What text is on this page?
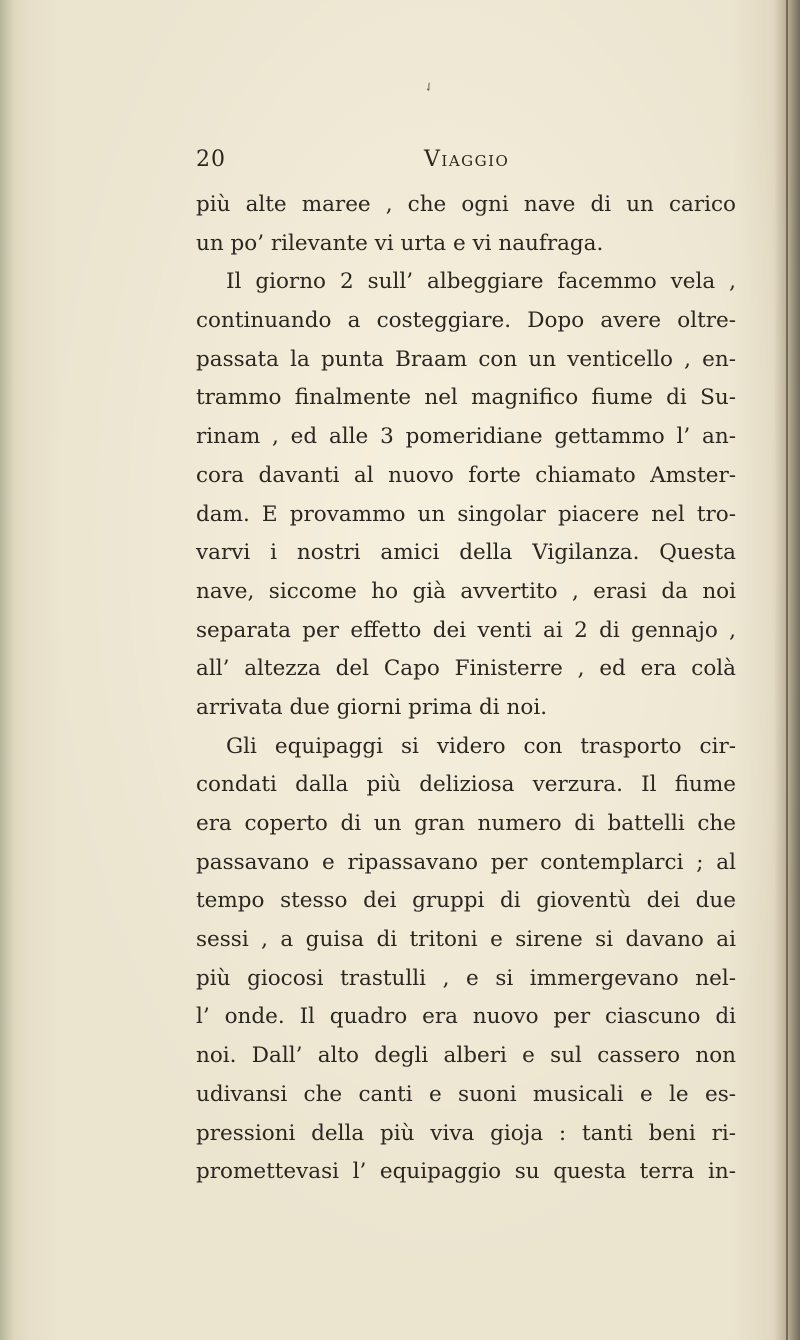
✓
20	Viaggio
più alte maree , che ogni nave di un carico
un po’ rilevante vi urta e vi naufraga.
Il giorno 2 sull’ albeggiare facemmo vela ,
continuando a costeggiare. Dopo avere oltre-
passata la punta Braam con un venticello , en-
trammo finalmente nel magnifico fiume di Su-
rinam , ed alle 3 pomeridiane gettammo l’ an-
cora davanti al nuovo forte chiamato Amster-
dam. E provammo un singolar piacere nel tro-
varvi i nostri amici della Vigilanza. Questa
nave, siccome ho già avvertito , erasi da noi
separata per effetto dei venti ai 2 di gennajo ,
all’ altezza del Capo Finisterre , ed era colà
arrivata due giorni prima di noi.
Gli equipaggi si videro con trasporto cir-
condati dalla più deliziosa verzura. Il fiume
era coperto di un gran numero di battelli che
passavano e ripassavano per contemplarci ; al
tempo stesso dei gruppi di gioventù dei due
sessi , a guisa di tritoni e sirene si davano ai
più giocosi trastulli , e si immergevano nel-
l’ onde. Il quadro era nuovo per ciascuno di
noi. Dall’ alto degli alberi e sul cassero non
udivansi che canti e suoni musicali e le es-
pressioni della più viva gioja : tanti beni ri-
promettevasi l’ equipaggio su questa terra in-
